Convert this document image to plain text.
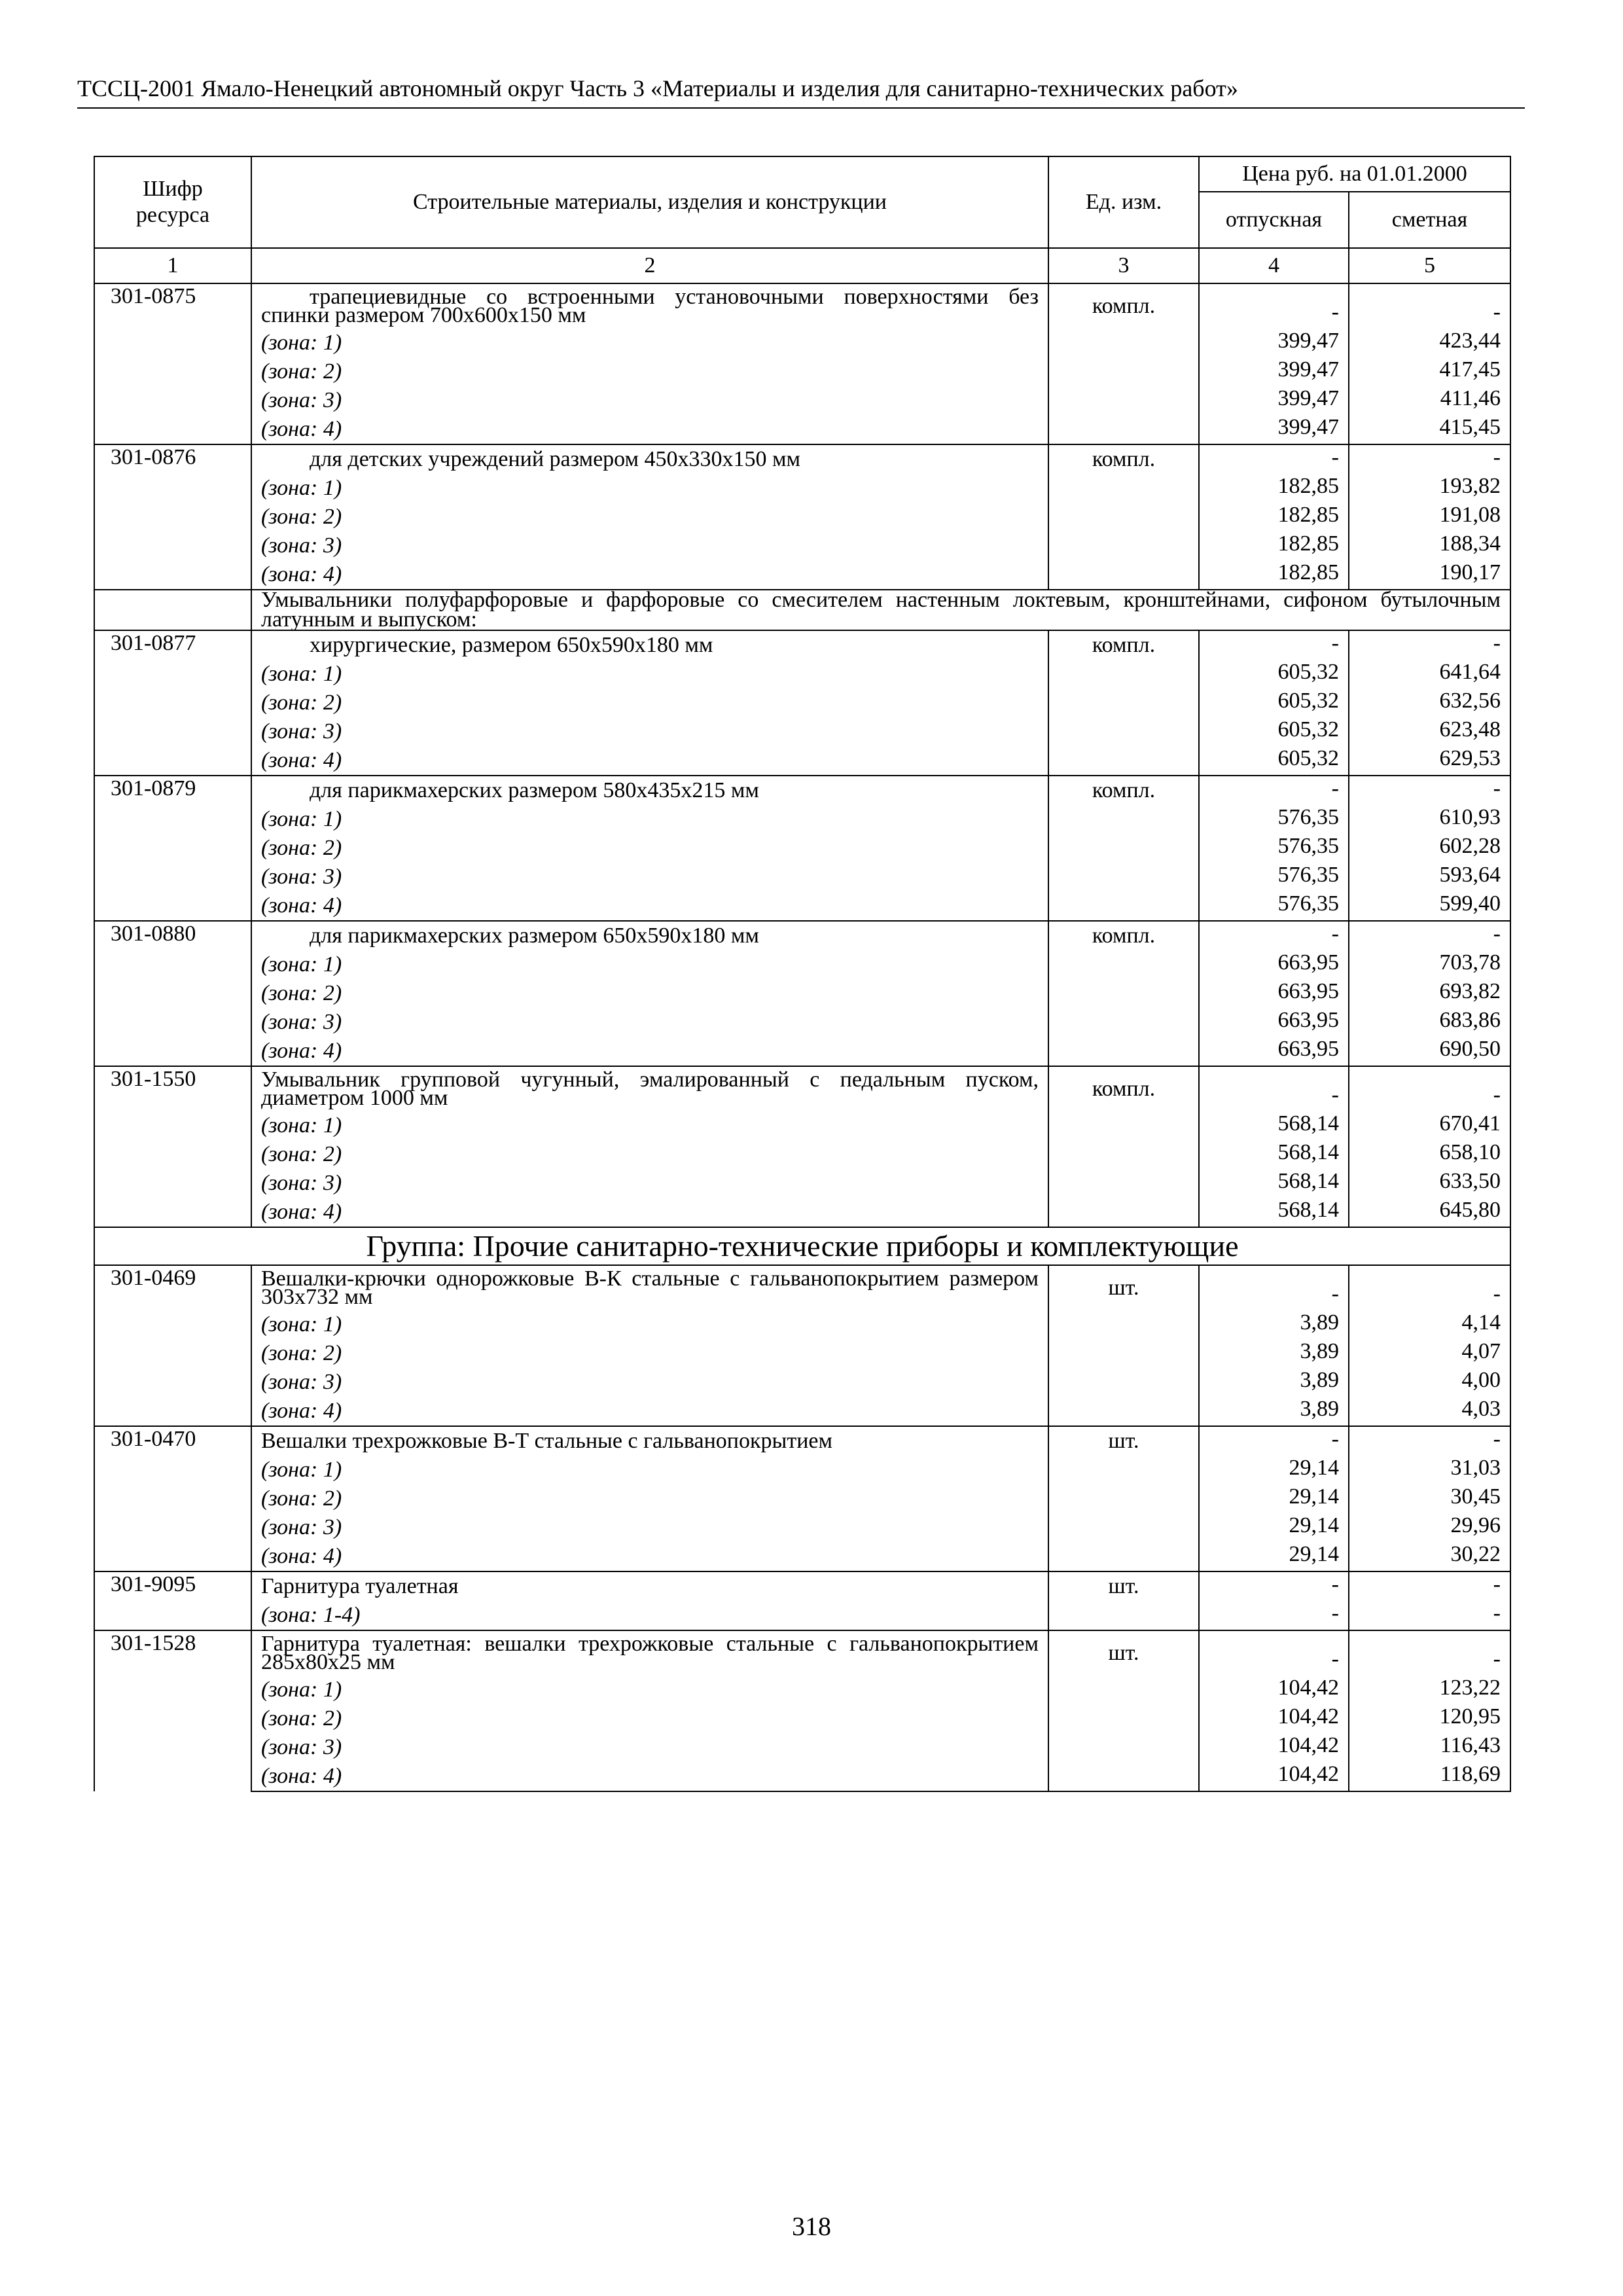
ТССЦ-2001 Ямало-Ненецкий автономный округ Часть 3 «Материалы и изделия для санитарно-технических работ»
Шифр ресурса	Строительные материалы, изделия и конструкции	Ед. изм.	Цена руб. на 01.01.2000	
			отпускная	сметная
1	2	3	4	5
301-0875	трапециевидные со встроенными установочными поверхностями без спинки размером 700х600х150 мм	компл.	-	-
	(зона: 1)		399,47	423,44
	(зона: 2)		399,47	417,45
	(зона: 3)		399,47	411,46
	(зона: 4)		399,47	415,45
301-0876	для детских учреждений размером 450х330х150 мм	компл.	-	-
	(зона: 1)		182,85	193,82
	(зона: 2)		182,85	191,08
	(зона: 3)		182,85	188,34
	(зона: 4)		182,85	190,17
	Умывальники полуфарфоровые и фарфоровые со смесителем настенным локтевым, кронштейнами, сифоном бутылочным латунным и выпуском:			
301-0877	хирургические, размером 650х590х180 мм	компл.	-	-
	(зона: 1)		605,32	641,64
	(зона: 2)		605,32	632,56
	(зона: 3)		605,32	623,48
	(зона: 4)		605,32	629,53
301-0879	для парикмахерских размером 580х435х215 мм	компл.	-	-
	(зона: 1)		576,35	610,93
	(зона: 2)		576,35	602,28
	(зона: 3)		576,35	593,64
	(зона: 4)		576,35	599,40
301-0880	для парикмахерских размером 650х590х180 мм	компл.	-	-
	(зона: 1)		663,95	703,78
	(зона: 2)		663,95	693,82
	(зона: 3)		663,95	683,86
	(зона: 4)		663,95	690,50
301-1550	Умывальник групповой чугунный, эмалированный с педальным пуском, диаметром 1000 мм	компл.	-	-
	(зона: 1)		568,14	670,41
	(зона: 2)		568,14	658,10
	(зона: 3)		568,14	633,50
	(зона: 4)		568,14	645,80
Группа: Прочие санитарно-технические приборы и комплектующие				
301-0469	Вешалки-крючки однорожковые В-К стальные с гальванопокрытием размером 303х732 мм	шт.	-	-
	(зона: 1)		3,89	4,14
	(зона: 2)		3,89	4,07
	(зона: 3)		3,89	4,00
	(зона: 4)		3,89	4,03
301-0470	Вешалки трехрожковые В-Т стальные с гальванопокрытием	шт.	-	-
	(зона: 1)		29,14	31,03
	(зона: 2)		29,14	30,45
	(зона: 3)		29,14	29,96
	(зона: 4)		29,14	30,22
301-9095	Гарнитура туалетная	шт.	-	-
	(зона: 1-4)		-	-
301-1528	Гарнитура туалетная: вешалки трехрожковые стальные с гальванопокрытием 285х80х25 мм	шт.	-	-
	(зона: 1)		104,42	123,22
	(зона: 2)		104,42	120,95
	(зона: 3)		104,42	116,43
	(зона: 4)		104,42	118,69
318
